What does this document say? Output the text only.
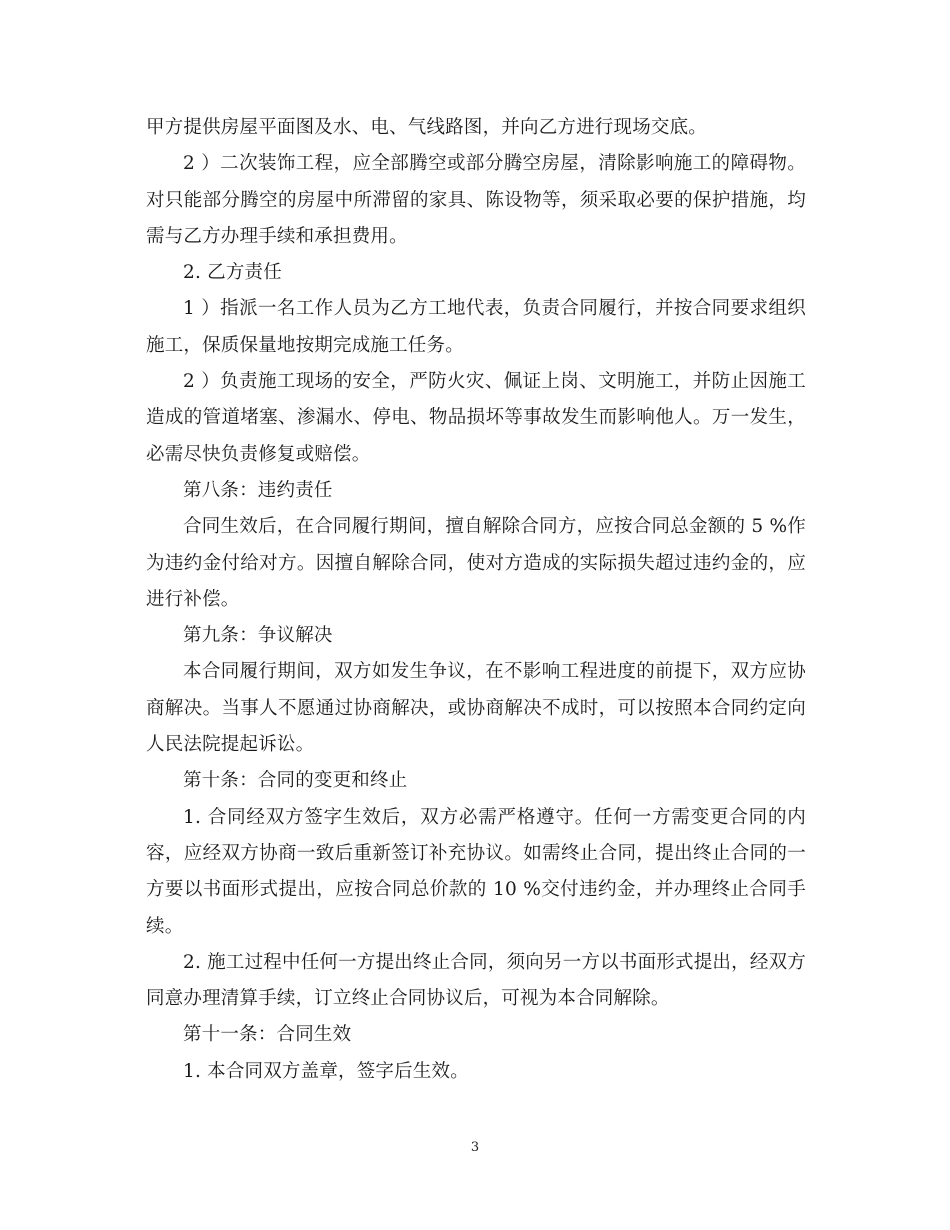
甲方提供房屋平面图及水、电、气线路图，并向乙方进行现场交底。

2 ）二次装饰工程，应全部腾空或部分腾空房屋，清除影响施工的障碍物。对只能部分腾空的房屋中所滞留的家具、陈设物等，须采取必要的保护措施，均需与乙方办理手续和承担费用。

2. 乙方责任

1 ）指派一名工作人员为乙方工地代表，负责合同履行，并按合同要求组织施工，保质保量地按期完成施工任务。

2 ）负责施工现场的安全，严防火灾、佩证上岗、文明施工，并防止因施工造成的管道堵塞、渗漏水、停电、物品损坏等事故发生而影响他人。万一发生，必需尽快负责修复或赔偿。

第八条：违约责任

合同生效后，在合同履行期间，擅自解除合同方，应按合同总金额的 5 %作为违约金付给对方。因擅自解除合同，使对方造成的实际损失超过违约金的，应进行补偿。

第九条：争议解决

本合同履行期间，双方如发生争议，在不影响工程进度的前提下，双方应协商解决。当事人不愿通过协商解决，或协商解决不成时，可以按照本合同约定向人民法院提起诉讼。

第十条：合同的变更和终止

1. 合同经双方签字生效后，双方必需严格遵守。任何一方需变更合同的内容，应经双方协商一致后重新签订补充协议。如需终止合同，提出终止合同的一方要以书面形式提出，应按合同总价款的 10 %交付违约金，并办理终止合同手续。

2. 施工过程中任何一方提出终止合同，须向另一方以书面形式提出，经双方同意办理清算手续，订立终止合同协议后，可视为本合同解除。

第十一条：合同生效

1. 本合同双方盖章，签字后生效。

3
